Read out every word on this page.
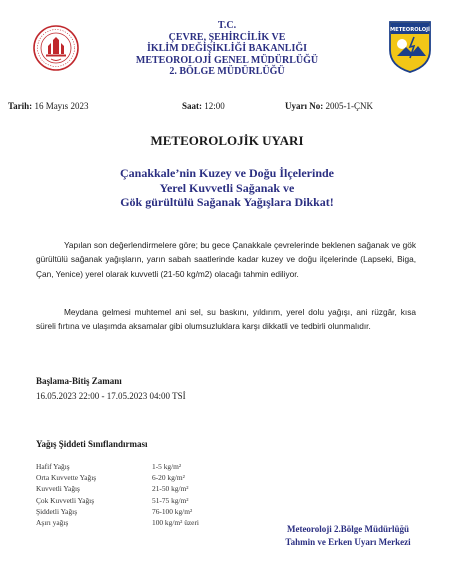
METEOROLOJİ
T.C.
ÇEVRE, ŞEHİRCİLİK VE
İKLİM DEĞİŞİKLİĞİ BAKANLIĞI
METEOROLOJİ GENEL MÜDÜRLÜĞÜ
2. BÖLGE MÜDÜRLÜĞÜ
Tarih: 16 Mayıs 2023	Saat: 12:00	Uyarı No: 2005-1-ÇNK
METEOROLOJİK UYARI
Çanakkale’nin Kuzey ve Doğu İlçelerinde
Yerel Kuvvetli Sağanak ve
Gök gürültülü Sağanak Yağışlara Dikkat!

Yapılan son değerlendirmelere göre; bu gece Çanakkale çevrelerinde beklenen sağanak ve gök gürültülü sağanak yağışların, yarın sabah saatlerinde kadar kuzey ve doğu ilçelerinde (Lapseki, Biga, Çan, Yenice) yerel olarak kuvvetli (21-50 kg/m2) olacağı tahmin ediliyor.

Meydana gelmesi muhtemel ani sel, su baskını, yıldırım, yerel dolu yağışı, ani rüzgâr, kısa süreli fırtına ve ulaşımda aksamalar gibi olumsuzluklara karşı dikkatli ve tedbirli olunmalıdır.

Başlama-Bitiş Zamanı
16.05.2023 22:00 - 17.05.2023 04:00 TSİ
Yağış Şiddeti Sınıflandırması
Hafif Yağış	1-5 kg/m²
Orta Kuvvette Yağış	6-20 kg/m²
Kuvvetli Yağış	21-50 kg/m²
Çok Kuvvetli Yağış	51-75 kg/m²
Şiddetli Yağış	76-100 kg/m²
Aşırı yağış	100 kg/m² üzeri
Meteoroloji 2.Bölge Müdürlüğü
Tahmin ve Erken Uyarı Merkezi
